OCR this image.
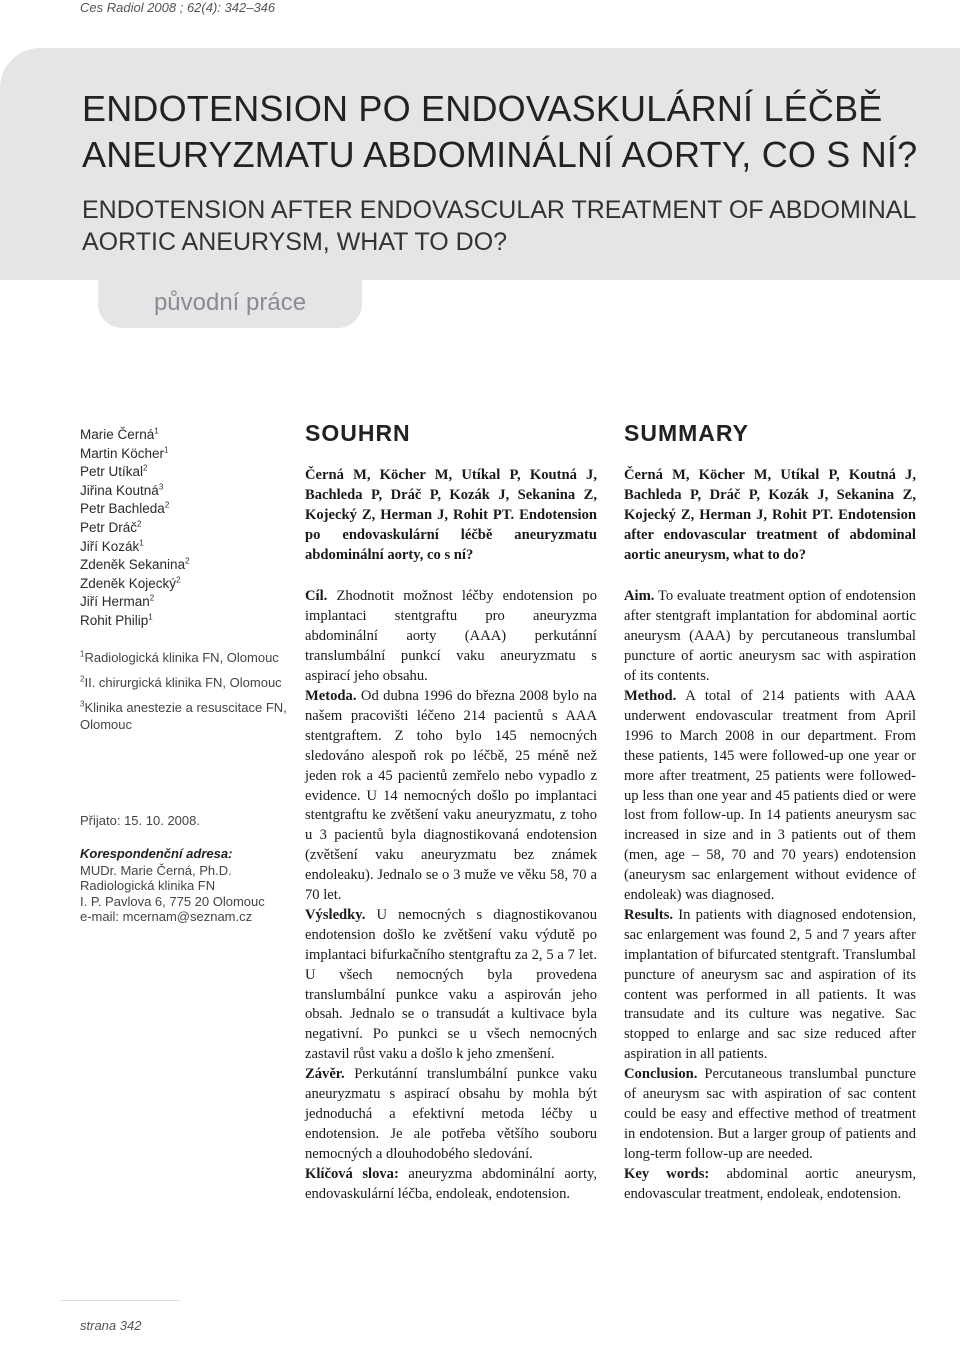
Ces Radiol 2008 ; 62(4): 342–346
ENDOTENSION PO ENDOVASKULÁRNÍ LÉČBĚ ANEURYZMATU ABDOMINÁLNÍ AORTY, CO S NÍ?
ENDOTENSION AFTER ENDOVASCULAR TREATMENT OF ABDOMINAL AORTIC ANEURYSM, WHAT TO DO?
původní práce
Marie Černá$^1$
Martin Köcher$^1$
Petr Utíkal$^2$
Jiřina Koutná$^3$
Petr Bachleda$^2$
Petr Dráč$^2$
Jiří Kozák$^1$
Zdeněk Sekanina$^2$
Zdeněk Kojecký$^2$
Jiří Herman$^2$
Rohit Philip$^1$

$^1$Radiologická klinika FN, Olomouc

$^2$II. chirurgická klinika FN, Olomouc

$^3$Klinika anestezie a resuscitace FN, Olomouc

Přijato: 15. 10. 2008.
Korespondenční adresa:
MUDr. Marie Černá, Ph.D.
Radiologická klinika FN
I. P. Pavlova 6, 775 20 Olomouc
e-mail: mcernam@seznam.cz
SOUHRN

Černá M, Köcher M, Utíkal P, Koutná J, Bachleda P, Dráč P, Kozák J, Sekanina Z, Kojecký Z, Herman J, Rohit PT. Endotension po endovaskulární léčbě aneuryzmatu abdominální aorty, co s ní?

Cíl. Zhodnotit možnost léčby endotension po implantaci stentgraftu pro aneuryzma abdominální aorty (AAA) perkutánní translumbální punkcí vaku aneuryzmatu s aspirací jeho obsahu.
Metoda. Od dubna 1996 do března 2008 bylo na našem pracovišti léčeno 214 pacientů s AAA stentgraftem. Z toho bylo 145 nemocných sledováno alespoň rok po léčbě, 25 méně než jeden rok a 45 pacientů zemřelo nebo vypadlo z evidence. U 14 nemocných došlo po implantaci stentgraftu ke zvětšení vaku aneuryzmatu, z toho u 3 pacientů byla diagnostikovaná endotension (zvětšení vaku aneuryzmatu bez známek endoleaku). Jednalo se o 3 muže ve věku 58, 70 a 70 let.
Výsledky. U nemocných s diagnostikovanou endotension došlo ke zvětšení vaku výdutě po implantaci bifurkačního stentgraftu za 2, 5 a 7 let. U všech nemocných byla provedena translumbální punkce vaku a aspirován jeho obsah. Jednalo se o transudát a kultivace byla negativní. Po punkci se u všech nemocných zastavil růst vaku a došlo k jeho zmenšení.
Závěr. Perkutánní translumbální punkce vaku aneuryzmatu s aspirací obsahu by mohla být jednoduchá a efektivní metoda léčby u endotension. Je ale potřeba většího souboru nemocných a dlouhodobého sledování.
Klíčová slova: aneuryzma abdominální aorty, endovaskulární léčba, endoleak, endotension.

SUMMARY

Černá M, Köcher M, Utíkal P, Koutná J, Bachleda P, Dráč P, Kozák J, Sekanina Z, Kojecký Z, Herman J, Rohit PT. Endotension after endovascular treatment of abdominal aortic aneurysm, what to do?

Aim. To evaluate treatment option of endotension after stentgraft implantation for abdominal aortic aneurysm (AAA) by percutaneous translumbal puncture of aortic aneurysm sac with aspiration of its contents.
Method. A total of 214 patients with AAA underwent endovascular treatment from April 1996 to March 2008 in our department. From these patients, 145 were followed-up one year or more after treatment, 25 patients were followed-up less than one year and 45 patients died or were lost from follow-up. In 14 patients aneurysm sac increased in size and in 3 patients out of them (men, age – 58, 70 and 70 years) endotension (aneurysm sac enlargement without evidence of endoleak) was diagnosed.
Results. In patients with diagnosed endotension, sac enlargement was found 2, 5 and 7 years after implantation of bifurcated stentgraft. Translumbal puncture of aneurysm sac and aspiration of its content was performed in all patients. It was transudate and its culture was negative. Sac stopped to enlarge and sac size reduced after aspiration in all patients.
Conclusion. Percutaneous translumbal puncture of aneurysm sac with aspiration of sac content could be easy and effective method of treatment in endotension. But a larger group of patients and long-term follow-up are needed.
Key words: abdominal aortic aneurysm, endovascular treatment, endoleak, endotension.

strana 342
